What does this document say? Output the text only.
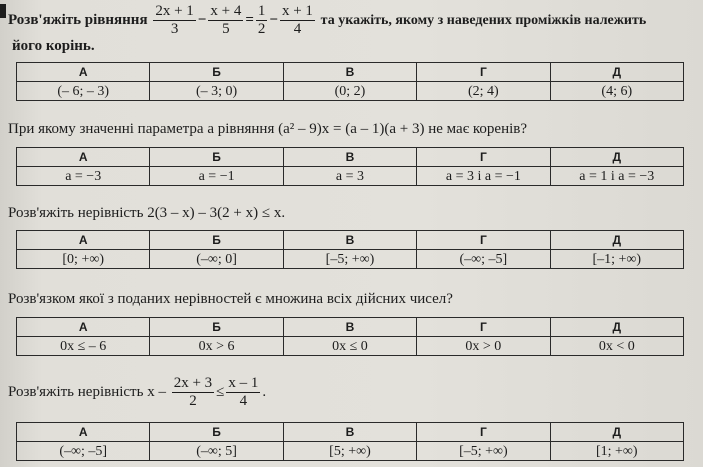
Розв'яжіть рівняння $\frac{2x + 1}{3} - \frac{x + 4}{5} = \frac{1}{2} - \frac{x + 1}{4}$ та укажіть, якому з наведених проміжків належить
його корінь.
А	Б	В	Г	Д
(– 6; – 3)	(– 3; 0)	(0; 2)	(2; 4)	(4; 6)
При якому значенні параметра a рівняння (a² – 9)x = (a – 1)(a + 3) не має коренів?
А	Б	В	Г	Д
a = −3	a = −1	a = 3	a = 3 і a = −1	a = 1 і a = −3
Розв'яжіть нерівність 2(3 – x) – 3(2 + x) ≤ x.
А	Б	В	Г	Д
[0; +∞)	(–∞; 0]	[–5; +∞)	(–∞; –5]	[–1; +∞)
Розв'язком якої з поданих нерівностей є множина всіх дійсних чисел?
А	Б	В	Г	Д
0x ≤ – 6	0x > 6	0x ≤ 0	0x > 0	0x < 0
Розв'яжіть нерівність $x - \frac{2x + 3}{2} \le \frac{x - 1}{4}$ .
А	Б	В	Г	Д
(–∞; –5]	(–∞; 5]	[5; +∞)	[–5; +∞)	[1; +∞)
